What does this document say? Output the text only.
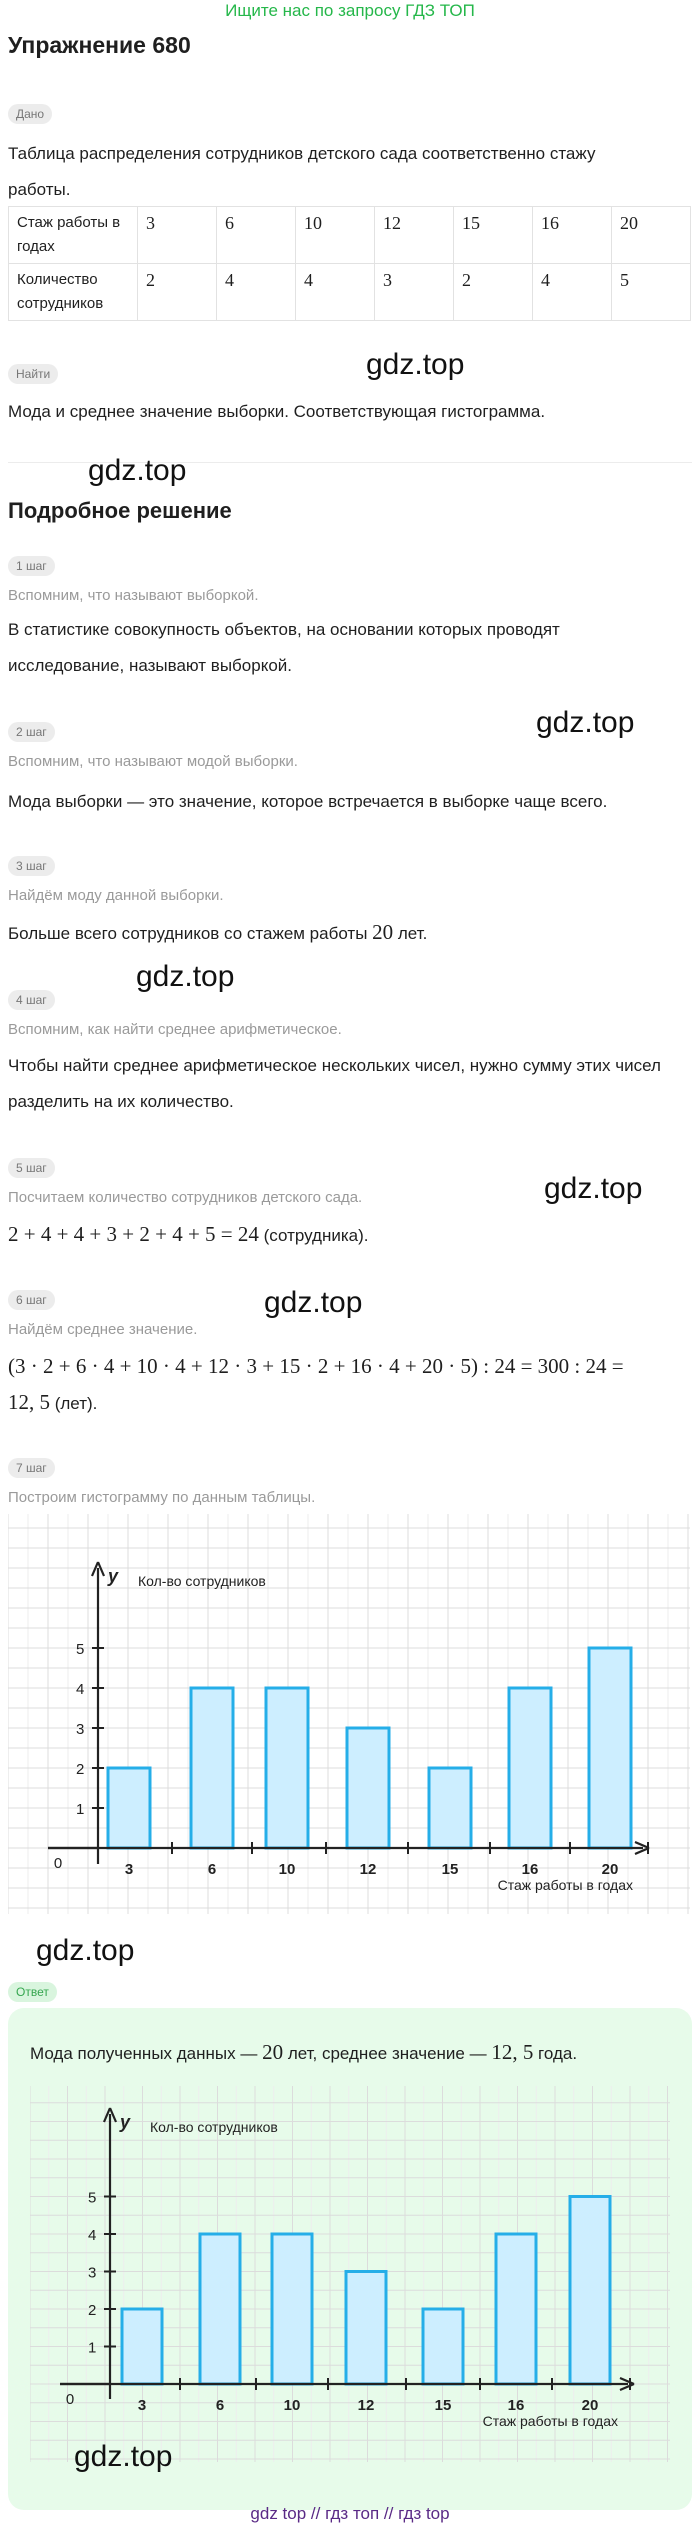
Ищите нас по запросу ГДЗ ТОП
Упражнение 680
Дано
Таблица распределения сотрудников детского сада соответственно стажу работы.
Стаж работы в годах	3	6	10	12	15	16	20
Количество сотрудников	2	4	4	3	2	4	5
Найти	gdz.top
Мода и среднее значение выборки. Соответствующая гистограмма.
gdz.top
Подробное решение
1 шаг
Вспомним, что называют выборкой.
В статистике совокупность объектов, на основании которых проводят исследование, называют выборкой.
gdz.top
2 шаг
Вспомним, что называют модой выборки.
Мода выборки — это значение, которое встречается в выборке чаще всего.
3 шаг
Найдём моду данной выборки.
Больше всего сотрудников со стажем работы 20 лет.
gdz.top
4 шаг
Вспомним, как найти среднее арифметическое.
Чтобы найти среднее арифметическое нескольких чисел, нужно сумму этих чисел разделить на их количество.
5 шаг
gdz.top
Посчитаем количество сотрудников детского сада.
2 + 4 + 4 + 3 + 2 + 4 + 5 = 24 (сотрудника).
gdz.top
6 шаг
Найдём среднее значение.
(3 · 2 + 6 · 4 + 10 · 4 + 12 · 3 + 15 · 2 + 16 · 4 + 20 · 5) : 24 = 300 : 24 =
12, 5 (лет).
7 шаг
Построим гистограмму по данным таблицы.
1
2
3
4
5
3	6	10	12	15	16	20
0
y Кол-во сотрудников
Стаж работы в годах
gdz.top
Ответ
Мода полученных данных — 20 лет, среднее значение — 12, 5 года.
1
2
3
4
5
3	6	10	12	15	16	20
0
y Кол-во сотрудников
Стаж работы в годах
gdz.top
gdz top // гдз топ // гдз top
